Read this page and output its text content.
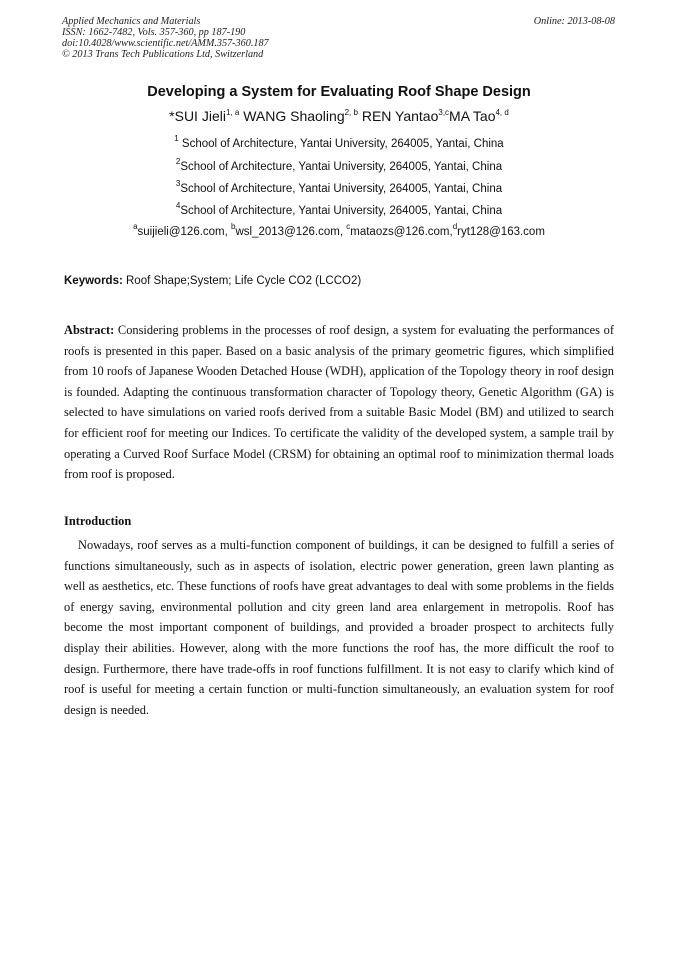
Applied Mechanics and Materials
ISSN: 1662-7482, Vols. 357-360, pp 187-190
doi:10.4028/www.scientific.net/AMM.357-360.187
© 2013 Trans Tech Publications Ltd, Switzerland
Online: 2013-08-08
Developing a System for Evaluating Roof Shape Design
*SUI Jieli$^{1, a}$ WANG Shaoling$^{2, b}$ REN Yantao$^{3,c}$MA Tao$^{4, d}$
$^1$ School of Architecture, Yantai University, 264005, Yantai, China
$^2$School of Architecture, Yantai University, 264005, Yantai, China
$^3$School of Architecture, Yantai University, 264005, Yantai, China
$^4$School of Architecture, Yantai University, 264005, Yantai, China
$^a$suijieli@126.com, $^b$wsl_2013@126.com, $^c$mataozs@126.com,$^d$ryt128@163.com
Keywords: Roof Shape;System; Life Cycle CO2 (LCCO2)
Abstract: Considering problems in the processes of roof design, a system for evaluating the performances of roofs is presented in this paper. Based on a basic analysis of the primary geometric figures, which simplified from 10 roofs of Japanese Wooden Detached House (WDH), application of the Topology theory in roof design is founded. Adapting the continuous transformation character of Topology theory, Genetic Algorithm (GA) is selected to have simulations on varied roofs derived from a suitable Basic Model (BM) and utilized to search for efficient roof for meeting our Indices. To certificate the validity of the developed system, a sample trail by operating a Curved Roof Surface Model (CRSM) for obtaining an optimal roof to minimization thermal loads from roof is proposed.
Introduction
Nowadays, roof serves as a multi-function component of buildings, it can be designed to fulfill a series of functions simultaneously, such as in aspects of isolation, electric power generation, green lawn planting as well as aesthetics, etc. These functions of roofs have great advantages to deal with some problems in the fields of energy saving, environmental pollution and city green land area enlargement in metropolis. Roof has become the most important component of buildings, and provided a broader prospect to architects fully display their abilities. However, along with the more functions the roof has, the more difficult the roof to design. Furthermore, there have trade-offs in roof functions fulfillment. It is not easy to clarify which kind of roof is useful for meeting a certain function or multi-function simultaneously, an evaluation system for roof design is needed.
